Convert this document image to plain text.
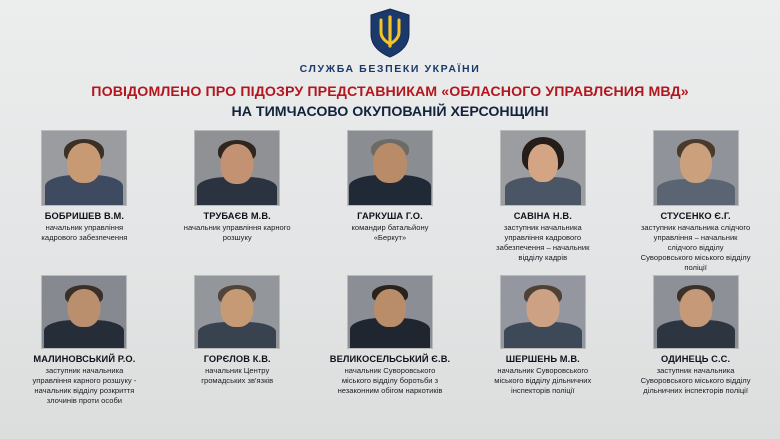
СЛУЖБА БЕЗПЕКИ УКРАЇНИ
ПОВІДОМЛЕНО ПРО ПІДОЗРУ ПРЕДСТАВНИКАМ «ОБЛАСНОГО УПРАВЛЄНИЯ МВД»
НА ТИМЧАСОВО ОКУПОВАНІЙ ХЕРСОНЩИНІ
БОБРИШЕВ В.М.
начальник управління кадрового забезпечення
ТРУБАЄВ М.В.
начальник управління карного розшуку
ГАРКУША Г.О.
командир батальйону «Беркут»
САВІНА Н.В.
заступник начальника управління кадрового забезпечення – начальник відділу кадрів
СТУСЕНКО Є.Г.
заступник начальника слідчого управління – начальник слідчого відділу Суворовського міського відділу поліції
МАЛИНОВСЬКИЙ Р.О.
заступник начальника управління карного розшуку - начальник відділу розкриття злочинів проти особи
ГОРЄЛОВ К.В.
начальник Центру громадських зв'язків
ВЕЛИКОСЕЛЬСЬКИЙ Є.В.
начальник Суворовського міського відділу боротьби з незаконним обігом наркотиків
ШЕРШЕНЬ М.В.
начальник Суворовського міського відділу дільничних інспекторів поліції
ОДИНЕЦЬ С.С.
заступник начальника Суворовського міського відділу дільничних інспекторів поліції
